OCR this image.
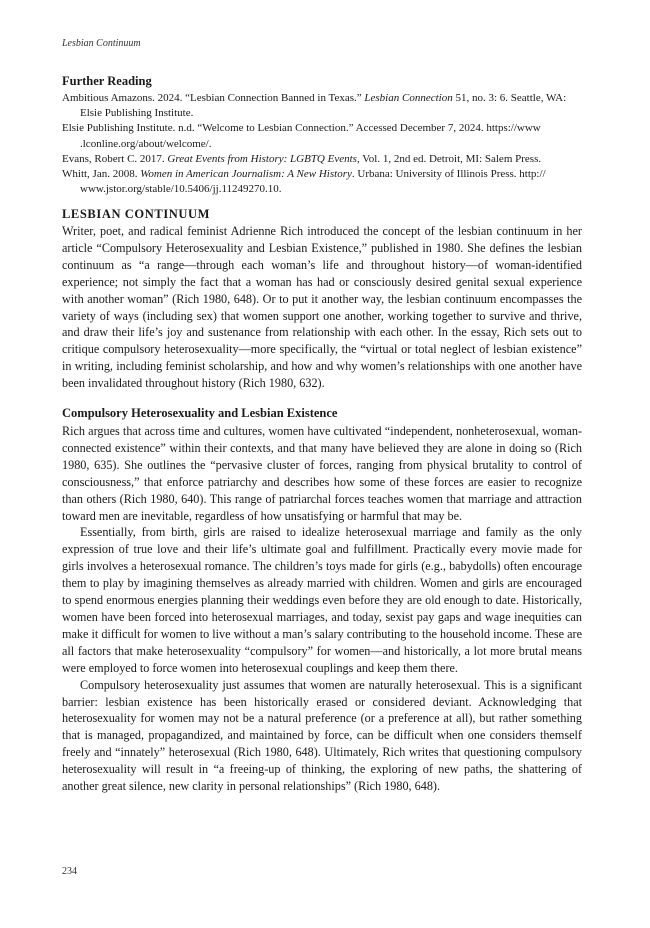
Lesbian Continuum
Further Reading

Ambitious Amazons. 2024. “Lesbian Connection Banned in Texas.” Lesbian Connection 51, no. 3: 6. Seattle, WA: Elsie Publishing Institute.

Elsie Publishing Institute. n.d. “Welcome to Lesbian Connection.” Accessed December 7, 2024. https://www .lconline.org/about/welcome/.

Evans, Robert C. 2017. Great Events from History: LGBTQ Events, Vol. 1, 2nd ed. Detroit, MI: Salem Press.

Whitt, Jan. 2008. Women in American Journalism: A New History. Urbana: University of Illinois Press. http:// www.jstor.org/stable/10.5406/jj.11249270.10.

LESBIAN CONTINUUM

Writer, poet, and radical feminist Adrienne Rich introduced the concept of the lesbian continuum in her article “Compulsory Heterosexuality and Lesbian Existence,” published in 1980. She defines the lesbian continuum as “a range—through each woman’s life and throughout history—of woman-identified experience; not simply the fact that a woman has had or consciously desired genital sexual experience with another woman” (Rich 1980, 648). Or to put it another way, the lesbian continuum encompasses the variety of ways (including sex) that women support one another, working together to survive and thrive, and draw their life’s joy and sustenance from relationship with each other. In the essay, Rich sets out to critique compulsory heterosexuality—more specifically, the “virtual or total neglect of lesbian existence” in writing, including feminist scholarship, and how and why women’s relationships with one another have been invalidated throughout history (Rich 1980, 632).

Compulsory Heterosexuality and Lesbian Existence

Rich argues that across time and cultures, women have cultivated “independent, nonheterosexual, woman-connected existence” within their contexts, and that many have believed they are alone in doing so (Rich 1980, 635). She outlines the “pervasive cluster of forces, ranging from physical brutality to control of consciousness,” that enforce patriarchy and describes how some of these forces are easier to recognize than others (Rich 1980, 640). This range of patriarchal forces teaches women that marriage and attraction toward men are inevitable, regardless of how unsatisfying or harmful that may be.

Essentially, from birth, girls are raised to idealize heterosexual marriage and family as the only expression of true love and their life’s ultimate goal and fulfillment. Practically every movie made for girls involves a heterosexual romance. The children’s toys made for girls (e.g., babydolls) often encourage them to play by imagining themselves as already married with children. Women and girls are encouraged to spend enormous energies planning their weddings even before they are old enough to date. Historically, women have been forced into heterosexual marriages, and today, sexist pay gaps and wage inequities can make it difficult for women to live without a man’s salary contributing to the household income. These are all factors that make heterosexuality “compulsory” for women—and historically, a lot more brutal means were employed to force women into heterosexual couplings and keep them there.

Compulsory heterosexuality just assumes that women are naturally heterosexual. This is a significant barrier: lesbian existence has been historically erased or considered deviant. Acknowledging that heterosexuality for women may not be a natural preference (or a preference at all), but rather something that is managed, propagandized, and maintained by force, can be difficult when one considers themself freely and “innately” heterosexual (Rich 1980, 648). Ultimately, Rich writes that questioning compulsory heterosexuality will result in “a freeing-up of thinking, the exploring of new paths, the shattering of another great silence, new clarity in personal relationships” (Rich 1980, 648).

234
